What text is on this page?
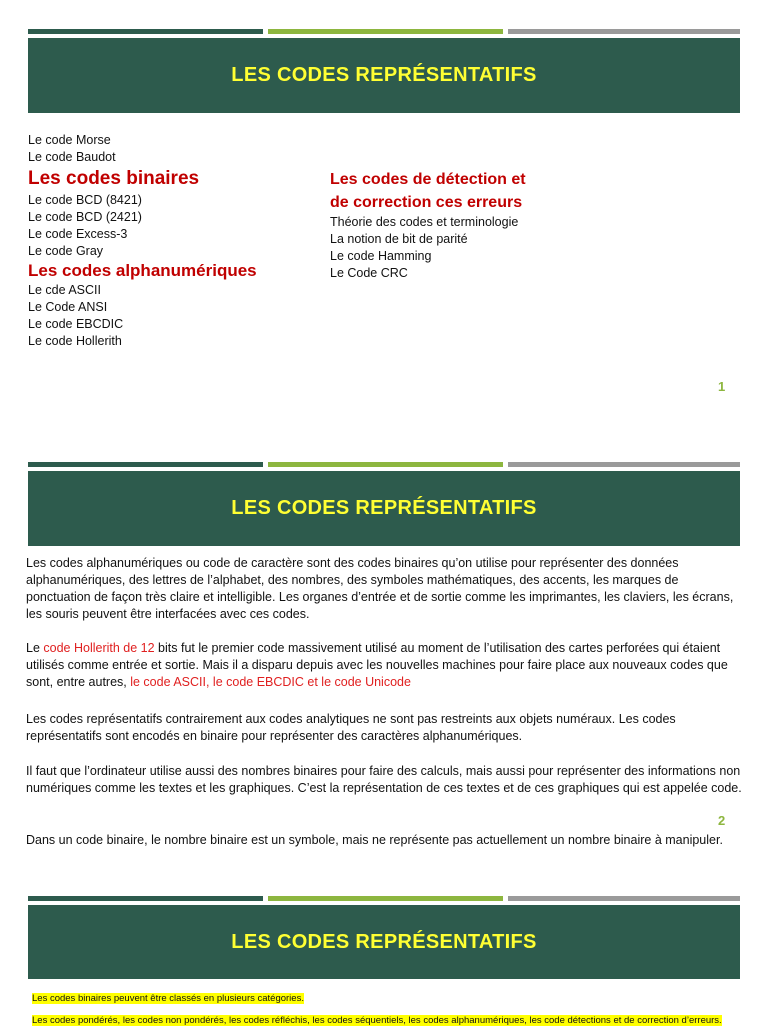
LES CODES REPRÉSENTATIFS
Le code Morse
Le code Baudot
Les codes binaires
Le code BCD (8421)
Le code BCD (2421)
Le code Excess-3
Le code Gray
Les codes alphanumériques
Le cde ASCII
Le Code ANSI
Le code EBCDIC
Le code Hollerith
Les codes de détection et
de correction ces erreurs
Théorie des codes et terminologie
La notion de bit de parité
Le code Hamming
Le Code CRC
1
LES CODES REPRÉSENTATIFS
Les codes alphanumériques ou code de caractère sont des codes binaires qu’on utilise pour représenter des données alphanumériques, des lettres de l’alphabet, des nombres, des symboles mathématiques, des accents, les marques de ponctuation de façon très claire et intelligible. Les organes d’entrée et de sortie comme les imprimantes, les claviers, les écrans, les souris peuvent être interfacées avec ces codes.
Le code Hollerith de 12 bits fut le premier code massivement utilisé au moment de l’utilisation des cartes perforées qui étaient utilisés comme entrée et sortie. Mais il a disparu depuis avec les nouvelles machines pour faire place aux nouveaux codes que sont, entre autres, le code ASCII, le code EBCDIC et le code Unicode
Les codes représentatifs contrairement aux codes analytiques ne sont pas restreints aux objets numéraux. Les codes représentatifs sont encodés en binaire pour représenter des caractères alphanumériques.
Il faut que l’ordinateur utilise aussi des nombres binaires pour faire des calculs, mais aussi pour représenter des informations non numériques comme les textes et les graphiques. C’est la représentation de ces textes et de ces graphiques qui est appelée code.
Dans un code binaire, le nombre binaire est un symbole, mais ne représente pas actuellement un nombre binaire à manipuler.
2
LES CODES REPRÉSENTATIFS
Les codes binaires peuvent être classés en plusieurs catégories.
Les codes pondérés, les codes non pondérés, les codes réfléchis, les codes séquentiels, les codes alphanumériques, les code détections et de correction d’erreurs.
